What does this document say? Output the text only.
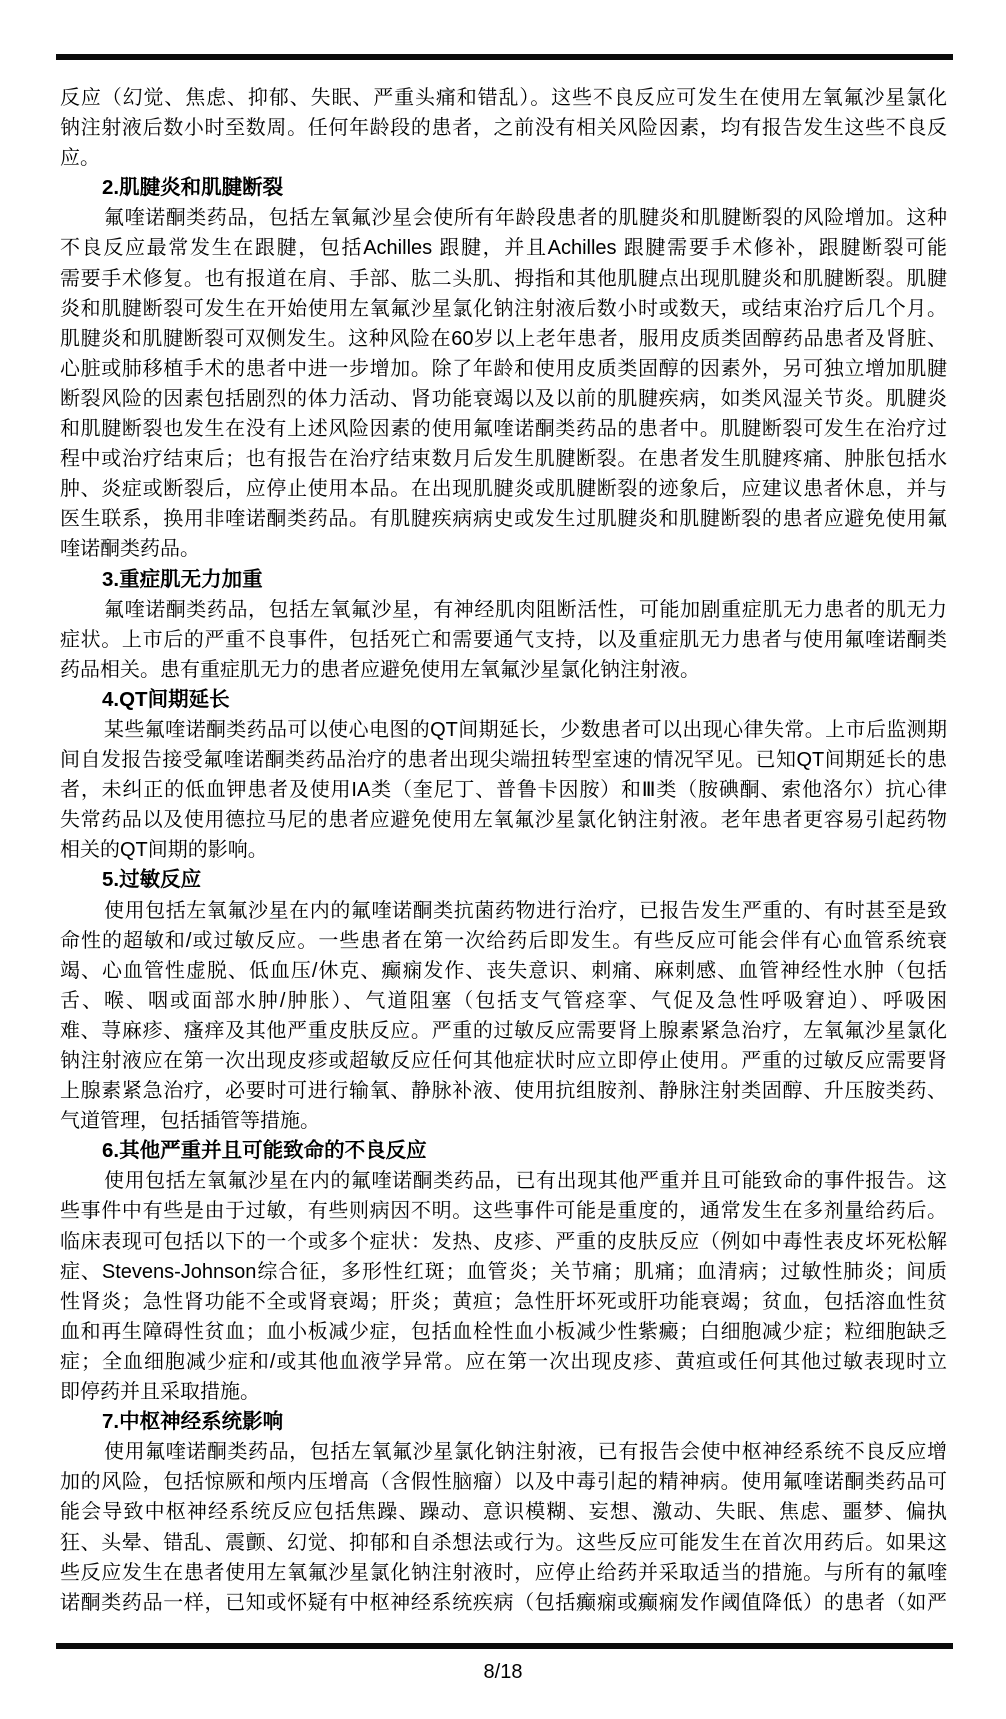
反应（幻觉、焦虑、抑郁、失眠、严重头痛和错乱）。这些不良反应可发生在使用左氧氟沙星氯化
钠注射液后数小时至数周。任何年龄段的患者，之前没有相关风险因素，均有报告发生这些不良反
应。
2.肌腱炎和肌腱断裂
氟喹诺酮类药品，包括左氧氟沙星会使所有年龄段患者的肌腱炎和肌腱断裂的风险增加。这种
不良反应最常发生在跟腱，包括Achilles 跟腱，并且Achilles 跟腱需要手术修补，跟腱断裂可能
需要手术修复。也有报道在肩、手部、肱二头肌、拇指和其他肌腱点出现肌腱炎和肌腱断裂。肌腱
炎和肌腱断裂可发生在开始使用左氧氟沙星氯化钠注射液后数小时或数天，或结束治疗后几个月。
肌腱炎和肌腱断裂可双侧发生。这种风险在60岁以上老年患者，服用皮质类固醇药品患者及肾脏、
心脏或肺移植手术的患者中进一步增加。除了年龄和使用皮质类固醇的因素外，另可独立增加肌腱
断裂风险的因素包括剧烈的体力活动、肾功能衰竭以及以前的肌腱疾病，如类风湿关节炎。肌腱炎
和肌腱断裂也发生在没有上述风险因素的使用氟喹诺酮类药品的患者中。肌腱断裂可发生在治疗过
程中或治疗结束后；也有报告在治疗结束数月后发生肌腱断裂。在患者发生肌腱疼痛、肿胀包括水
肿、炎症或断裂后，应停止使用本品。在出现肌腱炎或肌腱断裂的迹象后，应建议患者休息，并与
医生联系，换用非喹诺酮类药品。有肌腱疾病病史或发生过肌腱炎和肌腱断裂的患者应避免使用氟
喹诺酮类药品。
3.重症肌无力加重
氟喹诺酮类药品，包括左氧氟沙星，有神经肌肉阻断活性，可能加剧重症肌无力患者的肌无力
症状。上市后的严重不良事件，包括死亡和需要通气支持，以及重症肌无力患者与使用氟喹诺酮类
药品相关。患有重症肌无力的患者应避免使用左氧氟沙星氯化钠注射液。
4.QT间期延长
某些氟喹诺酮类药品可以使心电图的QT间期延长，少数患者可以出现心律失常。上市后监测期
间自发报告接受氟喹诺酮类药品治疗的患者出现尖端扭转型室速的情况罕见。已知QT间期延长的患
者，未纠正的低血钾患者及使用IA类（奎尼丁、普鲁卡因胺）和Ⅲ类（胺碘酮、索他洛尔）抗心律
失常药品以及使用德拉马尼的患者应避免使用左氧氟沙星氯化钠注射液。老年患者更容易引起药物
相关的QT间期的影响。
5.过敏反应
使用包括左氧氟沙星在内的氟喹诺酮类抗菌药物进行治疗，已报告发生严重的、有时甚至是致
命性的超敏和/或过敏反应。一些患者在第一次给药后即发生。有些反应可能会伴有心血管系统衰
竭、心血管性虚脱、低血压/休克、癫痫发作、丧失意识、刺痛、麻刺感、血管神经性水肿（包括
舌、喉、咽或面部水肿/肿胀）、气道阻塞（包括支气管痉挛、气促及急性呼吸窘迫）、呼吸困
难、荨麻疹、瘙痒及其他严重皮肤反应。严重的过敏反应需要肾上腺素紧急治疗，左氧氟沙星氯化
钠注射液应在第一次出现皮疹或超敏反应任何其他症状时应立即停止使用。严重的过敏反应需要肾
上腺素紧急治疗，必要时可进行输氧、静脉补液、使用抗组胺剂、静脉注射类固醇、升压胺类药、
气道管理，包括插管等措施。
6.其他严重并且可能致命的不良反应
使用包括左氧氟沙星在内的氟喹诺酮类药品，已有出现其他严重并且可能致命的事件报告。这
些事件中有些是由于过敏，有些则病因不明。这些事件可能是重度的，通常发生在多剂量给药后。
临床表现可包括以下的一个或多个症状：发热、皮疹、严重的皮肤反应（例如中毒性表皮坏死松解
症、Stevens-Johnson综合征，多形性红斑；血管炎；关节痛；肌痛；血清病；过敏性肺炎；间质
性肾炎；急性肾功能不全或肾衰竭；肝炎；黄疸；急性肝坏死或肝功能衰竭；贫血，包括溶血性贫
血和再生障碍性贫血；血小板减少症，包括血栓性血小板减少性紫癜；白细胞减少症；粒细胞缺乏
症；全血细胞减少症和/或其他血液学异常。应在第一次出现皮疹、黄疸或任何其他过敏表现时立
即停药并且采取措施。
7.中枢神经系统影响
使用氟喹诺酮类药品，包括左氧氟沙星氯化钠注射液，已有报告会使中枢神经系统不良反应增
加的风险，包括惊厥和颅内压增高（含假性脑瘤）以及中毒引起的精神病。使用氟喹诺酮类药品可
能会导致中枢神经系统反应包括焦躁、躁动、意识模糊、妄想、激动、失眠、焦虑、噩梦、偏执
狂、头晕、错乱、震颤、幻觉、抑郁和自杀想法或行为。这些反应可能发生在首次用药后。如果这
些反应发生在患者使用左氧氟沙星氯化钠注射液时，应停止给药并采取适当的措施。与所有的氟喹
诺酮类药品一样，已知或怀疑有中枢神经系统疾病（包括癫痫或癫痫发作阈值降低）的患者（如严
8/18
